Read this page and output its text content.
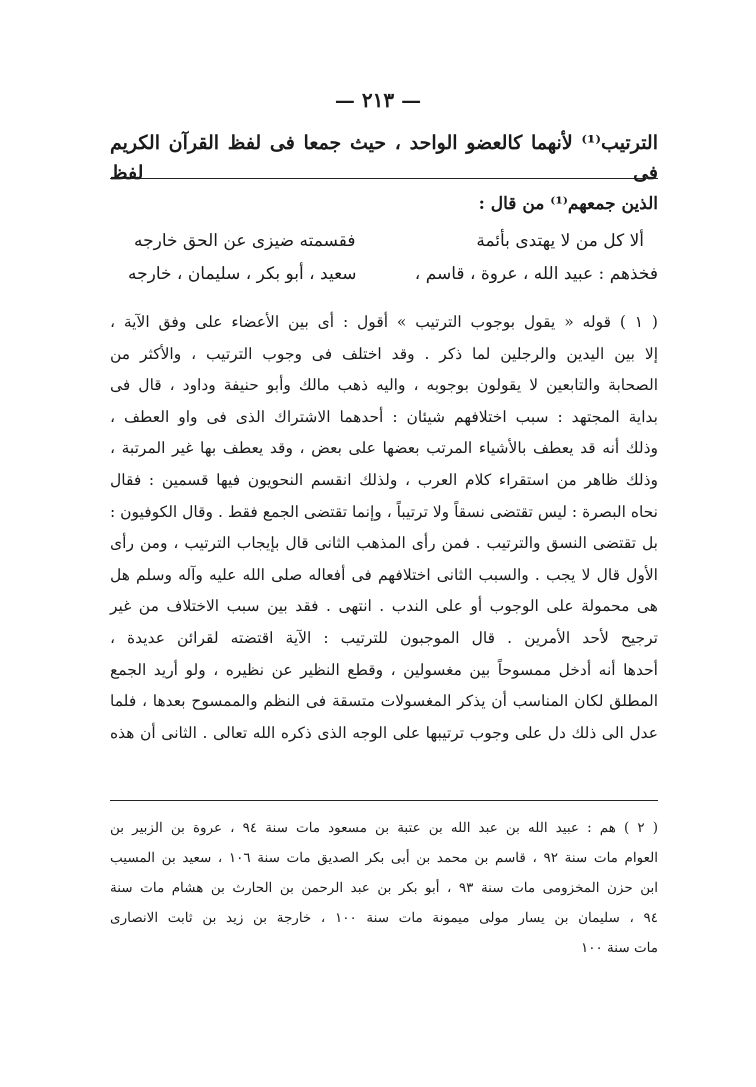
— ٢١٣ —
الترتيب⁽¹⁾ لأنهما كالعضو الواحد ، حيث جمعا فى لفظ القرآن الكريم فى لفظ
الذين جمعهم⁽¹⁾ من قال :
ألا كل من لا يهتدى بأئمة
فقسمته ضيزى عن الحق خارجه
فخذهم : عبيد الله ، عروة ، قاسم ،
سعيد ، أبو بكر ، سليمان ، خارجه

( ١ ) قوله « يقول بوجوب الترتيب » أقول : أى بين الأعضاء على وفق الآية ،

إلا بين اليدين والرجلين لما ذكر . وقد اختلف فى وجوب الترتيب ، والأكثر من

الصحابة والتابعين لا يقولون بوجوبه ، واليه ذهب مالك وأبو حنيفة وداود ، قال فى

بداية المجتهد : سبب اختلافهم شيئان : أحدهما الاشتراك الذى فى واو العطف ،

وذلك أنه قد يعطف بالأشياء المرتب بعضها على بعض ، وقد يعطف بها غير المرتبة ،

وذلك ظاهر من استقراء كلام العرب ، ولذلك انقسم النحويون فيها قسمين : فقال

نحاه البصرة : ليس تقتضى نسقاً ولا ترتيباً ، وإنما تقتضى الجمع فقط . وقال الكوفيون :

بل تقتضى النسق والترتيب . فمن رأى المذهب الثانى قال بإيجاب الترتيب ، ومن رأى

الأول قال لا يجب . والسبب الثانى اختلافهم فى أفعاله صلى الله عليه وآله وسلم هل

هى محمولة على الوجوب أو على الندب . انتهى . فقد بين سبب الاختلاف من غير

ترجيح لأحد الأمرين . قال الموجبون للترتيب : الآية اقتضته لقرائن عديدة ،

أحدها أنه أدخل ممسوحاً بين مغسولين ، وقطع النظير عن نظيره ، ولو أريد الجمع

المطلق لكان المناسب أن يذكر المغسولات متسقة فى النظم والممسوح بعدها ، فلما

عدل الى ذلك دل على وجوب ترتيبها على الوجه الذى ذكره الله تعالى . الثانى أن هذه

( ٢ ) هم : عبيد الله بن عبد الله بن عتبة بن مسعود مات سنة ٩٤ ، عروة بن الزبير بن

العوام مات سنة ٩٢ ، قاسم بن محمد بن أبى بكر الصديق مات سنة ١٠٦ ، سعيد بن المسيب

ابن حزن المخزومى مات سنة ٩٣ ، أبو بكر بن عبد الرحمن بن الحارث بن هشام مات سنة

٩٤ ، سليمان بن يسار مولى ميمونة مات سنة ١٠٠ ، خارجة بن زيد بن ثابت الانصارى

مات سنة ١٠٠
